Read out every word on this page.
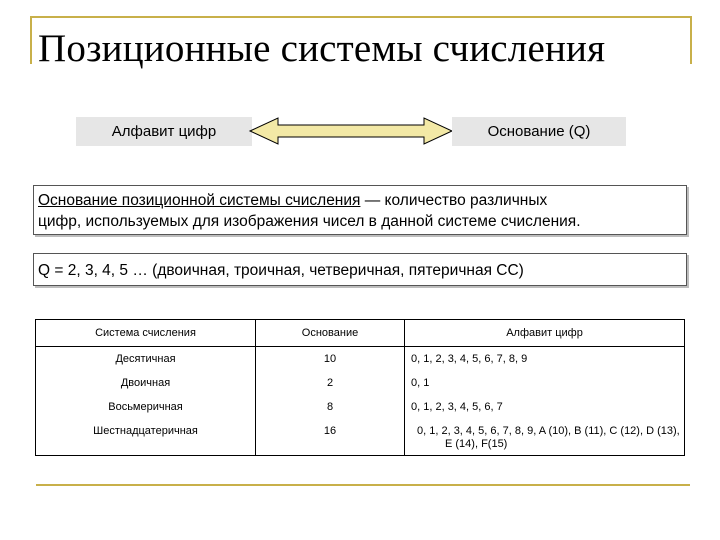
Позиционные системы счисления
Алфавит цифр	Основание (Q)
Основание позиционной системы счисления — количество различных
цифр, используемых для изображения чисел в данной системе счисления.
Q = 2, 3, 4, 5 … (двоичная, троичная, четверичная, пятеричная СС)
Система счисления	Основание	Алфавит цифр
Десятичная	10	0, 1, 2, 3, 4, 5, 6, 7, 8, 9
Двоичная	2	0, 1
Восьмеричная	8	0, 1, 2, 3, 4, 5, 6, 7
Шестнадцатеричная	16	0, 1, 2, 3, 4, 5, 6, 7, 8, 9, A (10), B (11), C (12), D (13), E (14), F(15)
